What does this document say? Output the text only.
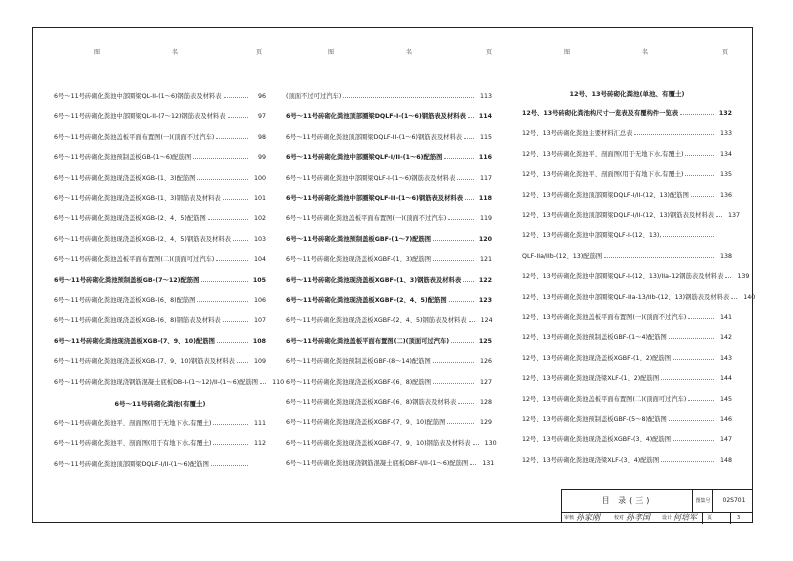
图	名	页	图	名	页	图	名	页
6号～11号砖砌化粪池中部圈梁QL-II-(1～6)钢筋表及材料表	96
6号～11号砖砌化粪池中部圈梁QL-II-(7～12)钢筋表及材料表	97
6号～11号砖砌化粪池盖板平面布置图(一)(顶面不过汽车)	98
6号～11号砖砌化粪池预制盖板GB-(1～6)配筋图	99
6号～11号砖砌化粪池现浇盖板XGB-(1、3)配筋图	100
6号～11号砖砌化粪池现浇盖板XGB-(1、3)钢筋表及材料表	101
6号～11号砖砌化粪池现浇盖板XGB-(2、4、5)配筋图	102
6号～11号砖砌化粪池现浇盖板XGB-(2、4、5)钢筋表及材料表	103
6号～11号砖砌化粪池盖板平面布置图(二)(顶面可过汽车)	104
6号～11号砖砌化粪池预制盖板GB-(7～12)配筋图	105
6号～11号砖砌化粪池现浇盖板XGB-(6、8)配筋图	106
6号～11号砖砌化粪池现浇盖板XGB-(6、8)钢筋表及材料表	107
6号～11号砖砌化粪池现浇盖板XGB-(7、9、10)配筋图	108
6号～11号砖砌化粪池现浇盖板XGB-(7、9、10)钢筋表及材料表	109
6号～11号砖砌化粪池现浇钢筋混凝土底板DB-I-(1～12)/II-(1～6)配筋图	110
6号～11号砖砌化粪池平、剖面图(用于无地下水,有覆土)	111
6号～11号砖砌化粪池平、剖面图(用于有地下水,有覆土)	112
6号～11号砖砌化粪池顶部圈梁DQLF-I/II-(1～6)配筋图
(顶面不过可过汽车)	113
6号～11号砖砌化粪池顶部圈梁DQLF-I-(1～6)钢筋表及材料表	114
6号～11号砖砌化粪池顶部圈梁DQLF-II-(1～6)钢筋表及材料表	115
6号～11号砖砌化粪池中部圈梁QLF-I/II-(1～6)配筋图	116
6号～11号砖砌化粪池中部圈梁QLF-I-(1～6)钢筋表及材料表	117
6号～11号砖砌化粪池中部圈梁QLF-II-(1～6)钢筋表及材料表	118
6号～11号砖砌化粪池盖板平面布置图(一)(顶面不过汽车)	119
6号～11号砖砌化粪池预制盖板GBF-(1～7)配筋图	120
6号～11号砖砌化粪池现浇盖板XGBF-(1、3)配筋图	121
6号～11号砖砌化粪池现浇盖板XGBF-(1、3)钢筋表及材料表	122
6号～11号砖砌化粪池现浇盖板XGBF-(2、4、5)配筋图	123
6号～11号砖砌化粪池现浇盖板XGBF-(2、4、5)钢筋表及材料表	124
6号～11号砖砌化粪池盖板平面布置图(二)(顶面可过汽车)	125
6号～11号砖砌化粪池预制盖板GBF-(8～14)配筋图	126
6号～11号砖砌化粪池现浇盖板XGBF-(6、8)配筋图	127
6号～11号砖砌化粪池现浇盖板XGBF-(6、8)钢筋表及材料表	128
6号～11号砖砌化粪池现浇盖板XGBF-(7、9、10)配筋图	129
6号～11号砖砌化粪池现浇盖板XGBF-(7、9、10)钢筋表及材料表	130
6号～11号砖砌化粪池现浇钢筋混凝土底板DBF-I/II-(1～6)配筋图	131
12号、13号砖砌化粪池构尺寸一览表及有覆构件一览表	132
12号、13号砖砌化粪池主要材料汇总表	133
12号、13号砖砌化粪池平、剖面图(用于无地下水,有覆土)	134
12号、13号砖砌化粪池平、剖面图(用于有地下水,有覆土)	135
12号、13号砖砌化粪池顶部圈梁DQLF-I/II-(12、13)配筋图	136
12号、13号砖砌化粪池顶部圈梁DQLF-I/II-(12、13)钢筋表及材料表	137
12号、13号砖砌化粪池中部圈梁QLF-I-(12、13),
QLF-IIa/IIb-(12、13)配筋图	138
12号、13号砖砌化粪池中部圈梁QLF-I-(12、13)/IIa-12钢筋表及材料表	139
12号、13号砖砌化粪池中部圈梁QLF-IIa-13/IIb-(12、13)钢筋表及材料表	140
12号、13号砖砌化粪池盖板平面布置图(一)(顶面不过汽车)	141
12号、13号砖砌化粪池预制盖板GBF-(1～4)配筋图	142
12号、13号砖砌化粪池现浇盖板XGBF-(1、2)配筋图	143
12号、13号砖砌化粪池现浇梁XLF-(1、2)配筋图	144
12号、13号砖砌化粪池盖板平面布置图(二)(顶面可过汽车)	145
12号、13号砖砌化粪池预制盖板GBF-(5～8)配筋图	146
12号、13号砖砌化粪池现浇盖板XGBF-(3、4)配筋图	147
12号、13号砖砌化粪池现浇梁XLF-(3、4)配筋图	148
6号～11号砖砌化粪池(有覆土)
12号、13号砖砌化粪池(单池、有覆土)
目 录(三)	图集号	02S701
审核 孙家刚	校对 孙孝国 设计 何培军	页	3
